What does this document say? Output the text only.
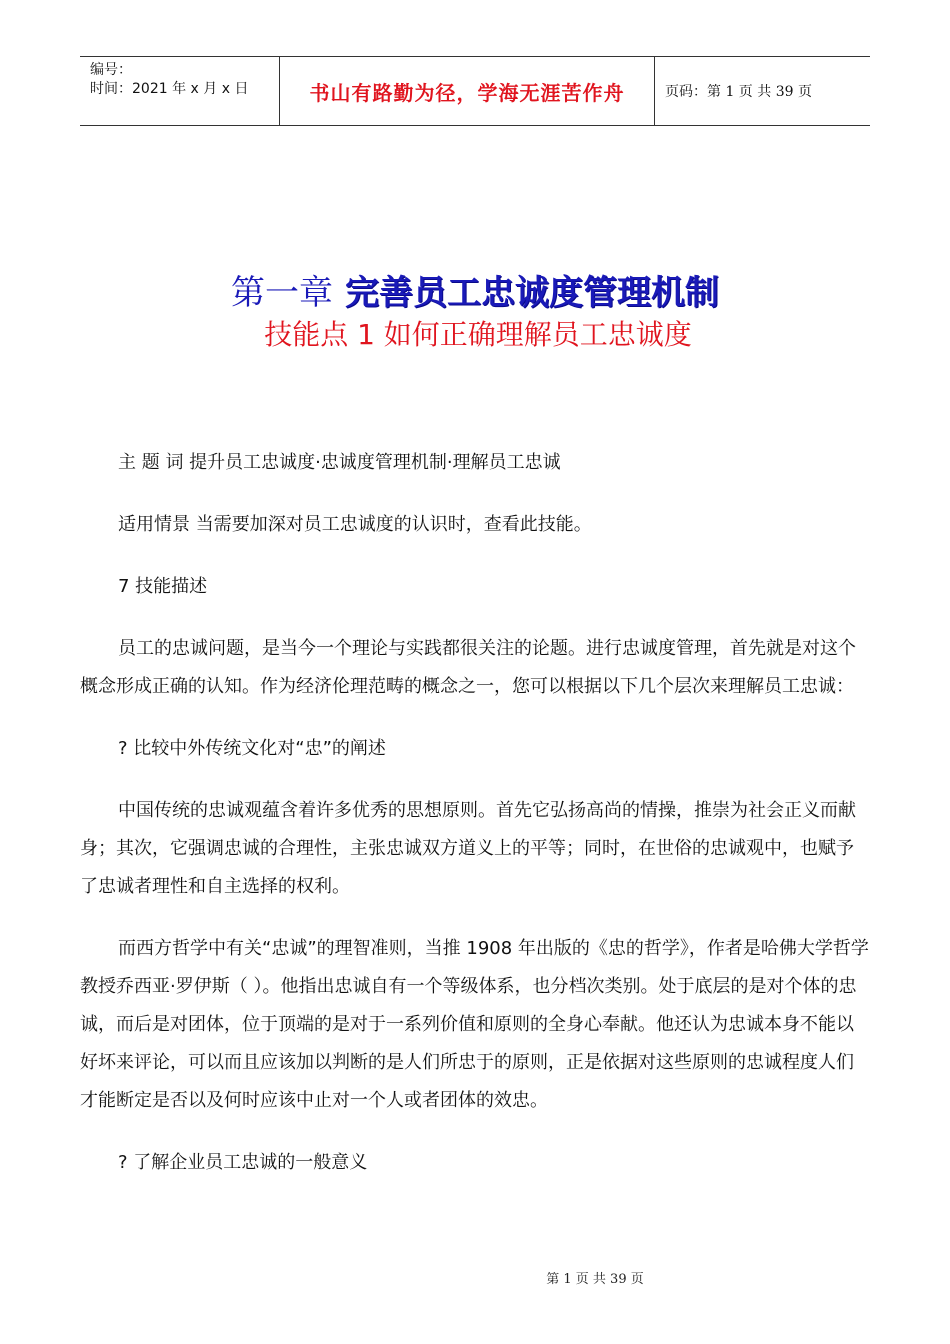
编号：
时间：2021 年 x 月 x 日	书山有路勤为径，学海无涯苦作舟	页码：第 1 页 共 39 页
第一章 完善员工忠诚度管理机制
技能点 1 如何正确理解员工忠诚度

主 题 词 提升员工忠诚度·忠诚度管理机制·理解员工忠诚

适用情景 当需要加深对员工忠诚度的认识时，查看此技能。

7 技能描述

员工的忠诚问题，是当今一个理论与实践都很关注的论题。进行忠诚度管理，首先就是对这个概念形成正确的认知。作为经济伦理范畴的概念之一，您可以根据以下几个层次来理解员工忠诚：

? 比较中外传统文化对“忠”的阐述

中国传统的忠诚观蕴含着许多优秀的思想原则。首先它弘扬高尚的情操，推崇为社会正义而献身；其次，它强调忠诚的合理性，主张忠诚双方道义上的平等；同时，在世俗的忠诚观中，也赋予了忠诚者理性和自主选择的权利。

而西方哲学中有关“忠诚”的理智准则，当推 1908 年出版的《忠的哲学》，作者是哈佛大学哲学教授乔西亚·罗伊斯（ ）。他指出忠诚自有一个等级体系，也分档次类别。处于底层的是对个体的忠诚，而后是对团体，位于顶端的是对于一系列价值和原则的全身心奉献。他还认为忠诚本身不能以好坏来评论，可以而且应该加以判断的是人们所忠于的原则，正是依据对这些原则的忠诚程度人们才能断定是否以及何时应该中止对一个人或者团体的效忠。

? 了解企业员工忠诚的一般意义

第 1 页 共 39 页
